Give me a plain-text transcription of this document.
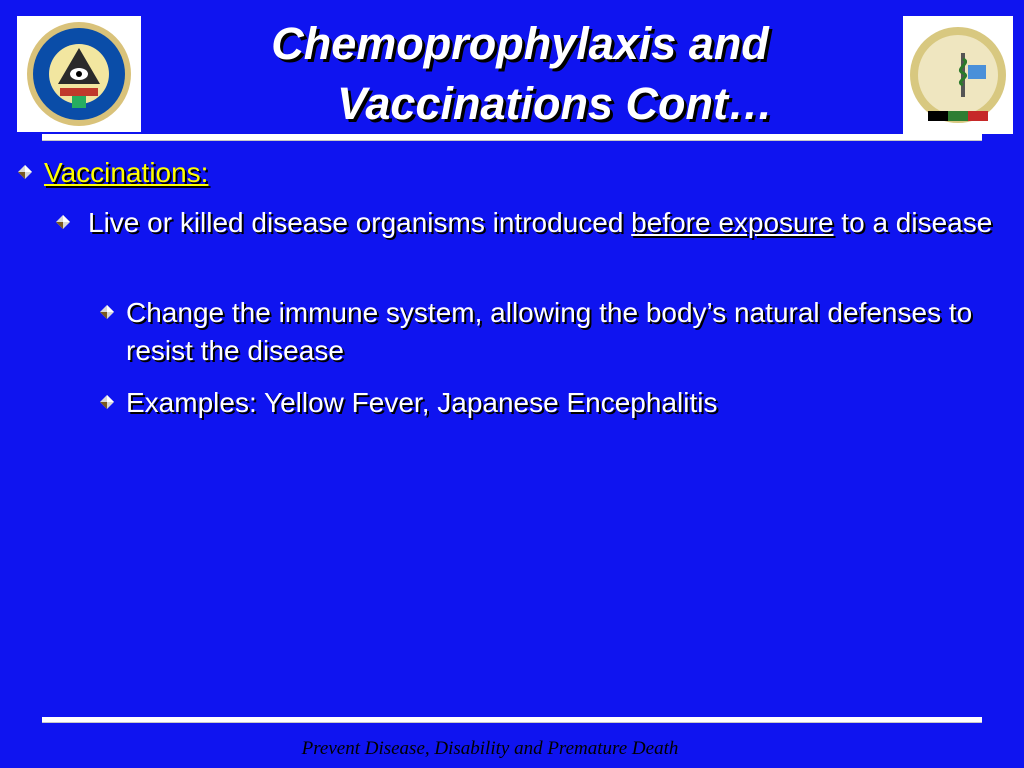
Chemoprophylaxis and
Vaccinations Cont…
Vaccinations:
Live or killed disease organisms introduced before exposure to a disease
Change the immune system, allowing the body’s natural defenses to resist the disease
Examples: Yellow Fever, Japanese Encephalitis
Prevent Disease, Disability and Premature Death
